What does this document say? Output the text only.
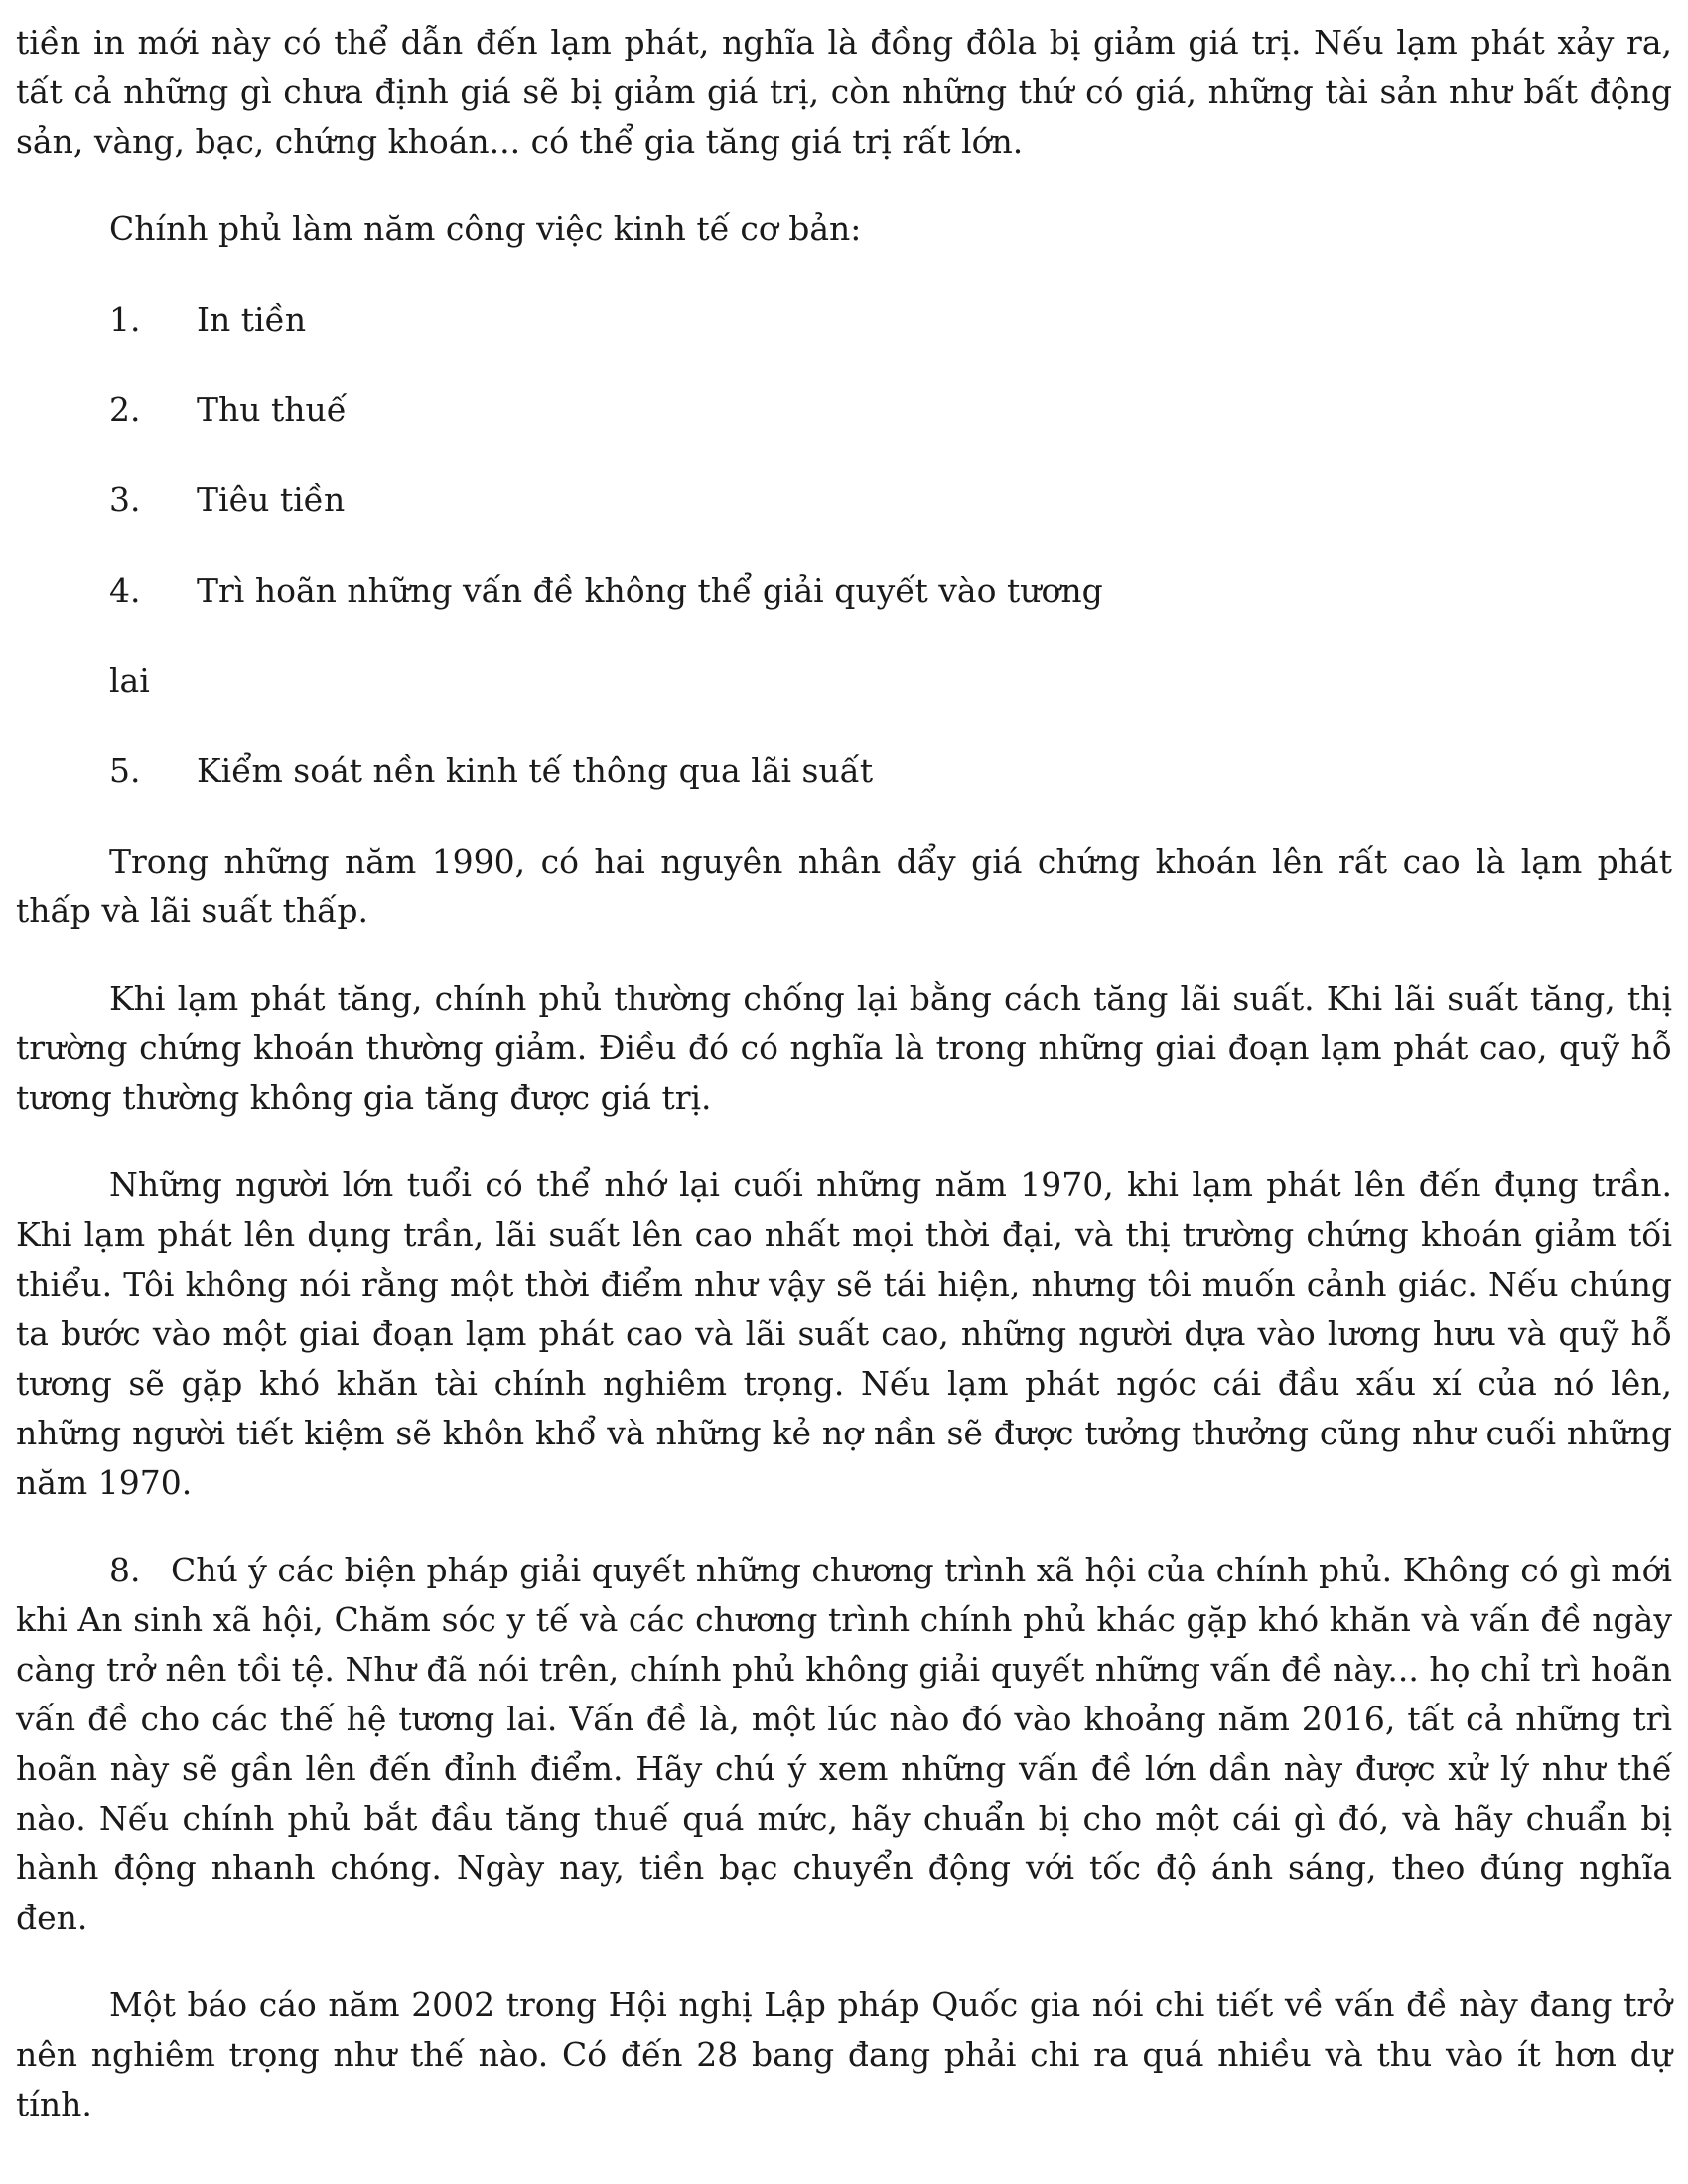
tiền in mới này có thể dẫn đến lạm phát, nghĩa là đồng đôla bị giảm giá trị. Nếu lạm phát xảy ra, tất cả những gì chưa định giá sẽ bị giảm giá trị, còn những thứ có giá, những tài sản như bất động sản, vàng, bạc, chứng khoán... có thể gia tăng giá trị rất lớn.

Chính phủ làm năm công việc kinh tế cơ bản:

1.	In tiền
2.	Thu thuế
3.	Tiêu tiền
4.	Trì hoãn những vấn đề không thể giải quyết vào tương
lai
5.	Kiểm soát nền kinh tế thông qua lãi suất

Trong những năm 1990, có hai nguyên nhân dẩy giá chứng khoán lên rất cao là lạm phát thấp và lãi suất thấp.

Khi lạm phát tăng, chính phủ thường chống lại bằng cách tăng lãi suất. Khi lãi suất tăng, thị trường chứng khoán thường giảm. Điều đó có nghĩa là trong những giai đoạn lạm phát cao, quỹ hỗ tương thường không gia tăng được giá trị.

Những người lớn tuổi có thể nhớ lại cuối những năm 1970, khi lạm phát lên đến đụng trần. Khi lạm phát lên dụng trần, lãi suất lên cao nhất mọi thời đại, và thị trường chứng khoán giảm tối thiểu. Tôi không nói rằng một thời điểm như vậy sẽ tái hiện, nhưng tôi muốn cảnh giác. Nếu chúng ta bước vào một giai đoạn lạm phát cao và lãi suất cao, những người dựa vào lương hưu và quỹ hỗ tương sẽ gặp khó khăn tài chính nghiêm trọng. Nếu lạm phát ngóc cái đầu xấu xí của nó lên, những người tiết kiệm sẽ khôn khổ và những kẻ nợ nần sẽ được tưởng thưởng cũng như cuối những năm 1970.

8. Chú ý các biện pháp giải quyết những chương trình xã hội của chính phủ. Không có gì mới khi An sinh xã hội, Chăm sóc y tế và các chương trình chính phủ khác gặp khó khăn và vấn đề ngày càng trở nên tồi tệ. Như đã nói trên, chính phủ không giải quyết những vấn đề này... họ chỉ trì hoãn vấn đề cho các thế hệ tương lai. Vấn đề là, một lúc nào đó vào khoảng năm 2016, tất cả những trì hoãn này sẽ gần lên đến đỉnh điểm. Hãy chú ý xem những vấn đề lớn dần này được xử lý như thế nào. Nếu chính phủ bắt đầu tăng thuế quá mức, hãy chuẩn bị cho một cái gì đó, và hãy chuẩn bị hành động nhanh chóng. Ngày nay, tiền bạc chuyển động với tốc độ ánh sáng, theo đúng nghĩa đen.

Một báo cáo năm 2002 trong Hội nghị Lập pháp Quốc gia nói chi tiết về vấn đề này đang trở nên nghiêm trọng như thế nào. Có đến 28 bang đang phải chi ra quá nhiều và thu vào ít hơn dự tính.
